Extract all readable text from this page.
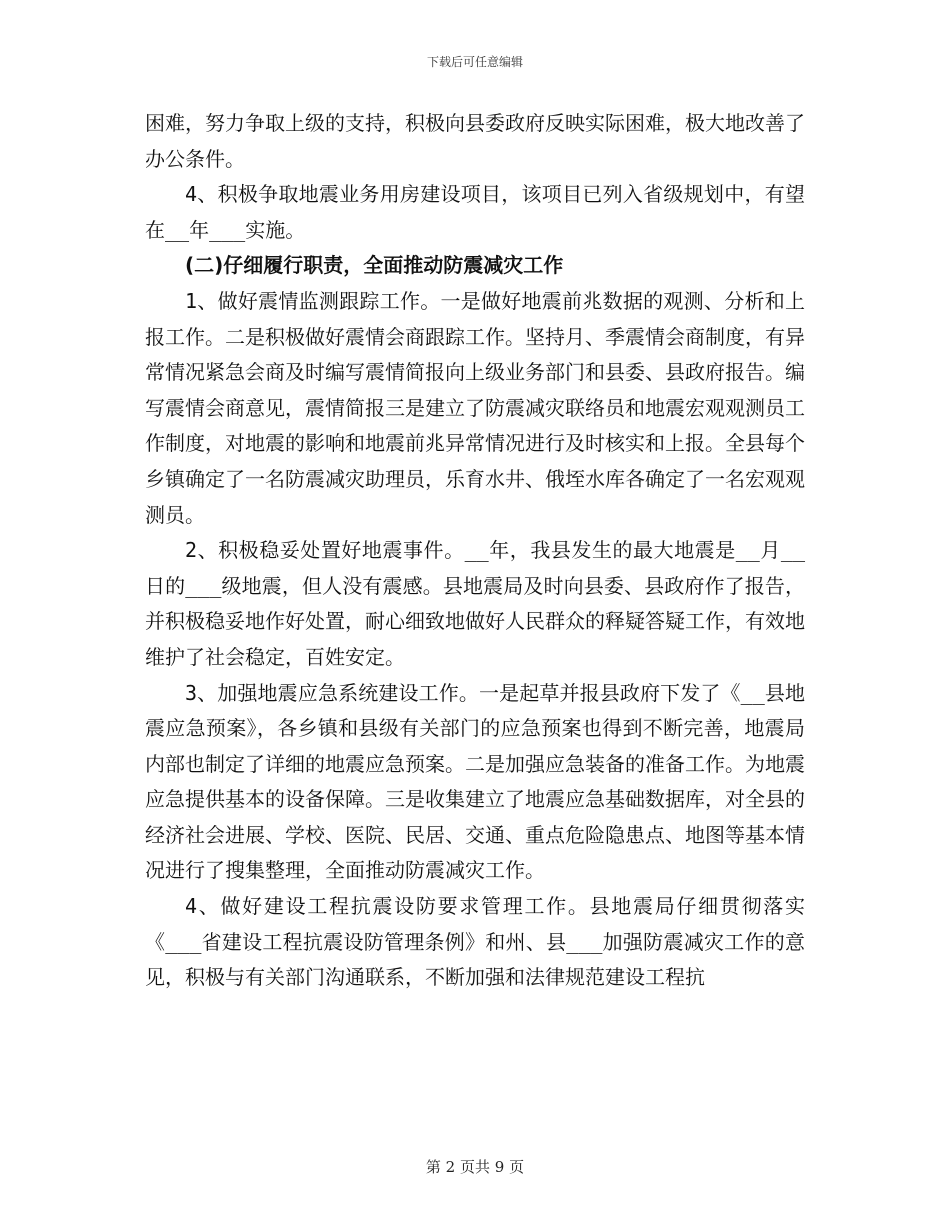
下载后可任意编辑

困难，努力争取上级的支持，积极向县委政府反映实际困难，极大地改善了办公条件。

4、积极争取地震业务用房建设项目，该项目已列入省级规划中，有望在__年___实施。

(二)仔细履行职责，全面推动防震减灾工作

1、做好震情监测跟踪工作。一是做好地震前兆数据的观测、分析和上报工作。二是积极做好震情会商跟踪工作。坚持月、季震情会商制度，有异常情况紧急会商及时编写震情简报向上级业务部门和县委、县政府报告。编写震情会商意见，震情简报三是建立了防震减灾联络员和地震宏观观测员工作制度，对地震的影响和地震前兆异常情况进行及时核实和上报。全县每个乡镇确定了一名防震减灾助理员，乐育水井、俄垤水库各确定了一名宏观观测员。

2、积极稳妥处置好地震事件。__年，我县发生的最大地震是__月__日的___级地震，但人没有震感。县地震局及时向县委、县政府作了报告，并积极稳妥地作好处置，耐心细致地做好人民群众的释疑答疑工作，有效地维护了社会稳定，百姓安定。

3、加强地震应急系统建设工作。一是起草并报县政府下发了《__县地震应急预案》，各乡镇和县级有关部门的应急预案也得到不断完善，地震局内部也制定了详细的地震应急预案。二是加强应急装备的准备工作。为地震应急提供基本的设备保障。三是收集建立了地震应急基础数据库，对全县的经济社会进展、学校、医院、民居、交通、重点危险隐患点、地图等基本情况进行了搜集整理，全面推动防震减灾工作。

4、做好建设工程抗震设防要求管理工作。县地震局仔细贯彻落实《___省建设工程抗震设防管理条例》和州、县___加强防震减灾工作的意见，积极与有关部门沟通联系，不断加强和法律规范建设工程抗

第 2 页共 9 页
